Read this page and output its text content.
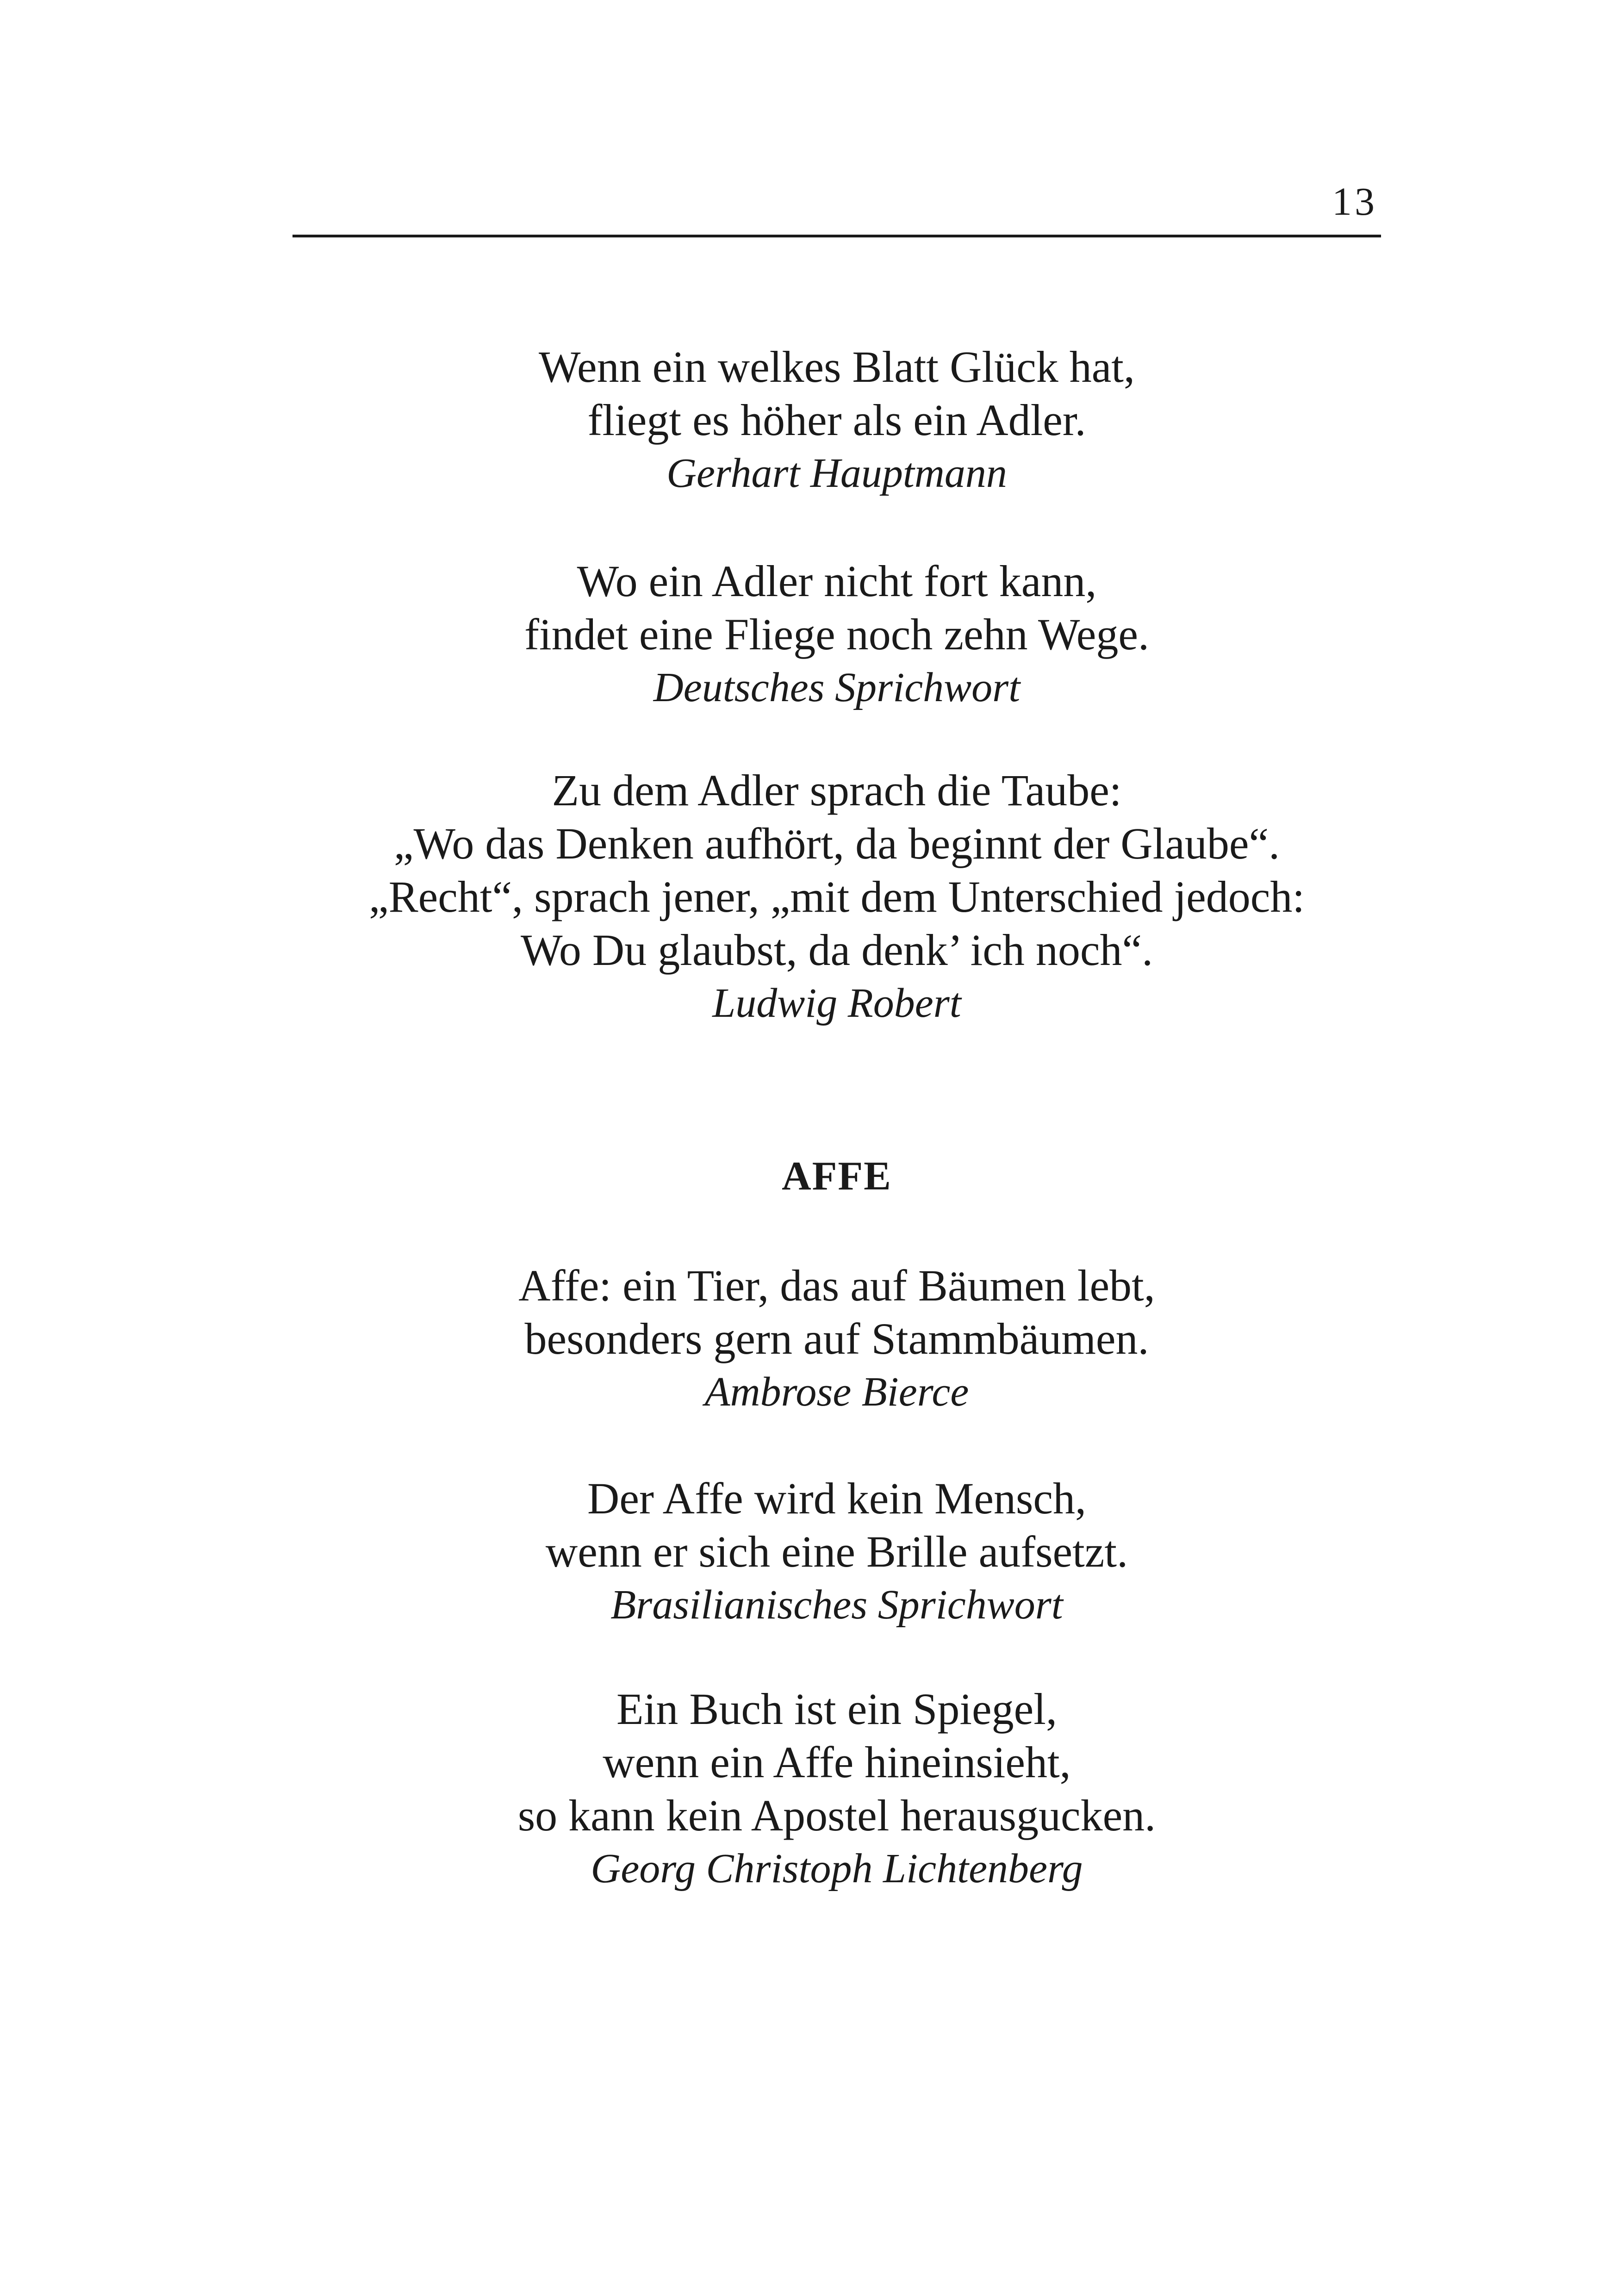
13
Wenn ein welkes Blatt Glück hat,
fliegt es höher als ein Adler.
Gerhart Hauptmann
Wo ein Adler nicht fort kann,
findet eine Fliege noch zehn Wege.
Deutsches Sprichwort
Zu dem Adler sprach die Taube:
„Wo das Denken aufhört, da beginnt der Glaube“.
„Recht“, sprach jener, „mit dem Unterschied jedoch:
Wo Du glaubst, da denk’ ich noch“.
Ludwig Robert
AFFE
Affe: ein Tier, das auf Bäumen lebt,
besonders gern auf Stammbäumen.
Ambrose Bierce
Der Affe wird kein Mensch,
wenn er sich eine Brille aufsetzt.
Brasilianisches Sprichwort
Ein Buch ist ein Spiegel,
wenn ein Affe hineinsieht,
so kann kein Apostel herausgucken.
Georg Christoph Lichtenberg
